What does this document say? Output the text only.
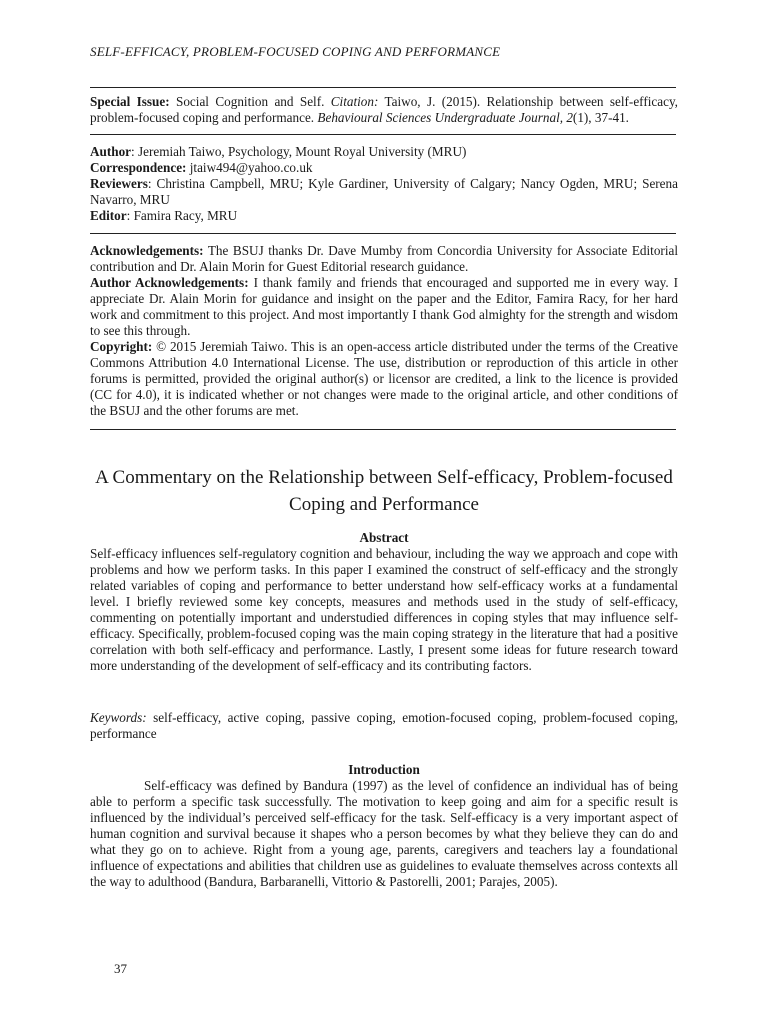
SELF-EFFICACY, PROBLEM-FOCUSED COPING AND PERFORMANCE

Special Issue: Social Cognition and Self. Citation: Taiwo, J. (2015). Relationship between self-efficacy, problem-focused coping and performance. Behavioural Sciences Undergraduate Journal, 2(1), 37-41.

Author: Jeremiah Taiwo, Psychology, Mount Royal University (MRU)

Correspondence: jtaiw494@yahoo.co.uk

Reviewers: Christina Campbell, MRU; Kyle Gardiner, University of Calgary; Nancy Ogden, MRU; Serena Navarro, MRU

Editor: Famira Racy, MRU

Acknowledgements: The BSUJ thanks Dr. Dave Mumby from Concordia University for Associate Editorial contribution and Dr. Alain Morin for Guest Editorial research guidance.

Author Acknowledgements: I thank family and friends that encouraged and supported me in every way. I appreciate Dr. Alain Morin for guidance and insight on the paper and the Editor, Famira Racy, for her hard work and commitment to this project. And most importantly I thank God almighty for the strength and wisdom to see this through.

Copyright: © 2015 Jeremiah Taiwo. This is an open-access article distributed under the terms of the Creative Commons Attribution 4.0 International License. The use, distribution or reproduction of this article in other forums is permitted, provided the original author(s) or licensor are credited, a link to the licence is provided (CC for 4.0), it is indicated whether or not changes were made to the original article, and other conditions of the BSUJ and the other forums are met.

A Commentary on the Relationship between Self-efficacy, Problem-focused Coping and Performance

Abstract

Self-efficacy influences self-regulatory cognition and behaviour, including the way we approach and cope with problems and how we perform tasks. In this paper I examined the construct of self-efficacy and the strongly related variables of coping and performance to better understand how self-efficacy works at a fundamental level. I briefly reviewed some key concepts, measures and methods used in the study of self-efficacy, commenting on potentially important and understudied differences in coping styles that may influence self-efficacy. Specifically, problem-focused coping was the main coping strategy in the literature that had a positive correlation with both self-efficacy and performance. Lastly, I present some ideas for future research toward more understanding of the development of self-efficacy and its contributing factors.

Keywords: self-efficacy, active coping, passive coping, emotion-focused coping, problem-focused coping, performance

Introduction

Self-efficacy was defined by Bandura (1997) as the level of confidence an individual has of being able to perform a specific task successfully. The motivation to keep going and aim for a specific result is influenced by the individual’s perceived self-efficacy for the task. Self-efficacy is a very important aspect of human cognition and survival because it shapes who a person becomes by what they believe they can do and what they go on to achieve. Right from a young age, parents, caregivers and teachers lay a foundational influence of expectations and abilities that children use as guidelines to evaluate themselves across contexts all the way to adulthood (Bandura, Barbaranelli, Vittorio & Pastorelli, 2001; Parajes, 2005).

37
